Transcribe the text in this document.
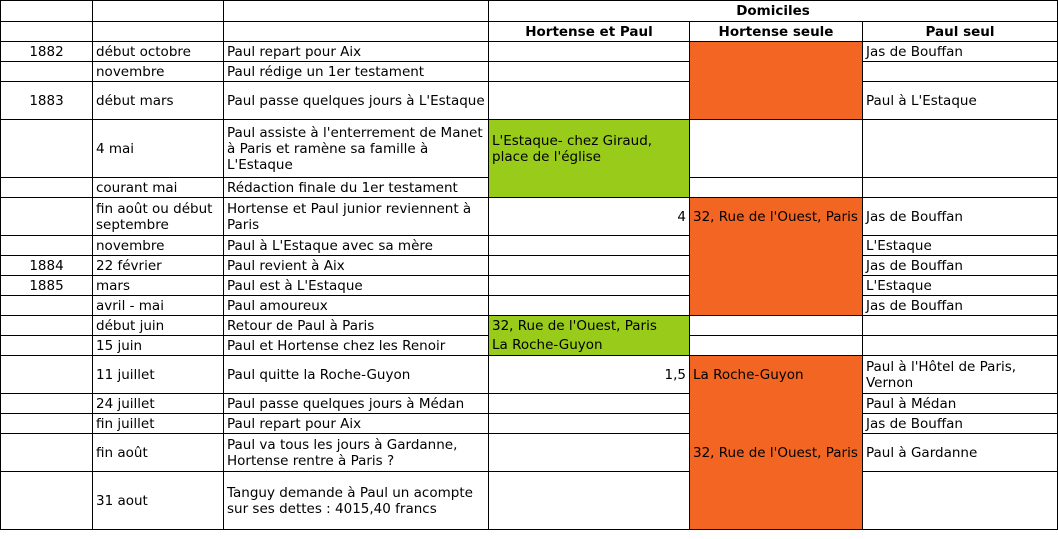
			Domiciles		
			Hortense et Paul	Hortense seule	Paul seul
1882	début octobre	Paul repart pour Aix			Jas de Bouffan
	novembre	Paul rédige un 1er testament			
1883	début mars	Paul passe quelques jours à L'Estaque			Paul à L'Estaque
	4 mai	Paul assiste à l'enterrement de Manet à Paris et ramène sa famille à L'Estaque	L'Estaque- chez Giraud, place de l'église		
	courant mai	Rédaction finale du 1er testament			
	fin août ou début septembre	Hortense et Paul junior reviennent à Paris	4	32, Rue de l'Ouest, Paris	Jas de Bouffan
	novembre	Paul à L'Estaque avec sa mère			L'Estaque
1884	22 février	Paul revient à Aix			Jas de Bouffan
1885	mars	Paul est à L'Estaque			L'Estaque
	avril - mai	Paul amoureux			Jas de Bouffan
	début juin	Retour de Paul à Paris	32, Rue de l'Ouest, Paris		
	15 juin	Paul et Hortense chez les Renoir	La Roche-Guyon		
	11 juillet	Paul quitte la Roche-Guyon	1,5	La Roche-Guyon	Paul à l'Hôtel de Paris, Vernon
	24 juillet	Paul passe quelques jours à Médan			Paul à Médan
	fin juillet	Paul repart pour Aix			Jas de Bouffan
	fin août	Paul va tous les jours à Gardanne, Hortense rentre à Paris ?		32, Rue de l'Ouest, Paris	Paul à Gardanne
	31 aout	Tanguy demande à Paul un acompte sur ses dettes : 4015,40 francs			
